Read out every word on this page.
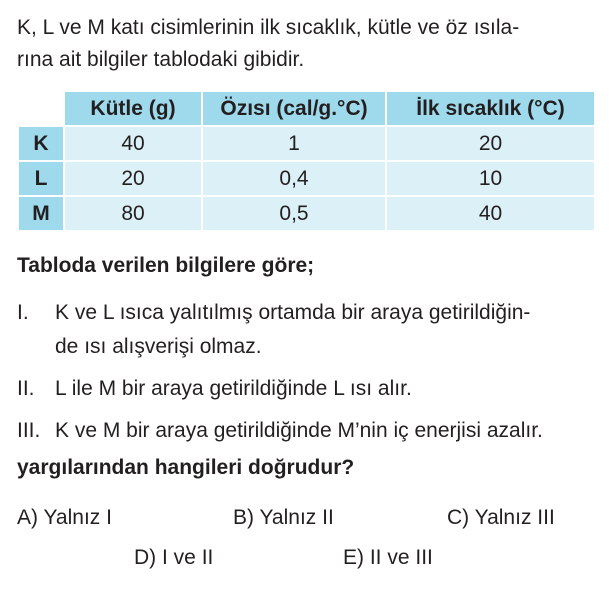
K, L ve M katı cisimlerinin ilk sıcaklık, kütle ve öz ısıla-
rına ait bilgiler tablodaki gibidir.
	Kütle (g)	Özısı (cal/g.°C)	İlk sıcaklık (°C)
K	40	1	20
L	20	0,4	10
M	80	0,5	40
Tabloda verilen bilgilere göre;
I.	K ve L ısıca yalıtılmış ortamda bir araya getirildiğin-
de ısı alışverişi olmaz.
II. L ile M bir araya getirildiğinde L ısı alır.
III. K ve M bir araya getirildiğinde M’nin iç enerjisi azalır.
yargılarından hangileri doğrudur?
A) Yalnız I	B) Yalnız II	C) Yalnız III
D) I ve II	E) II ve III
